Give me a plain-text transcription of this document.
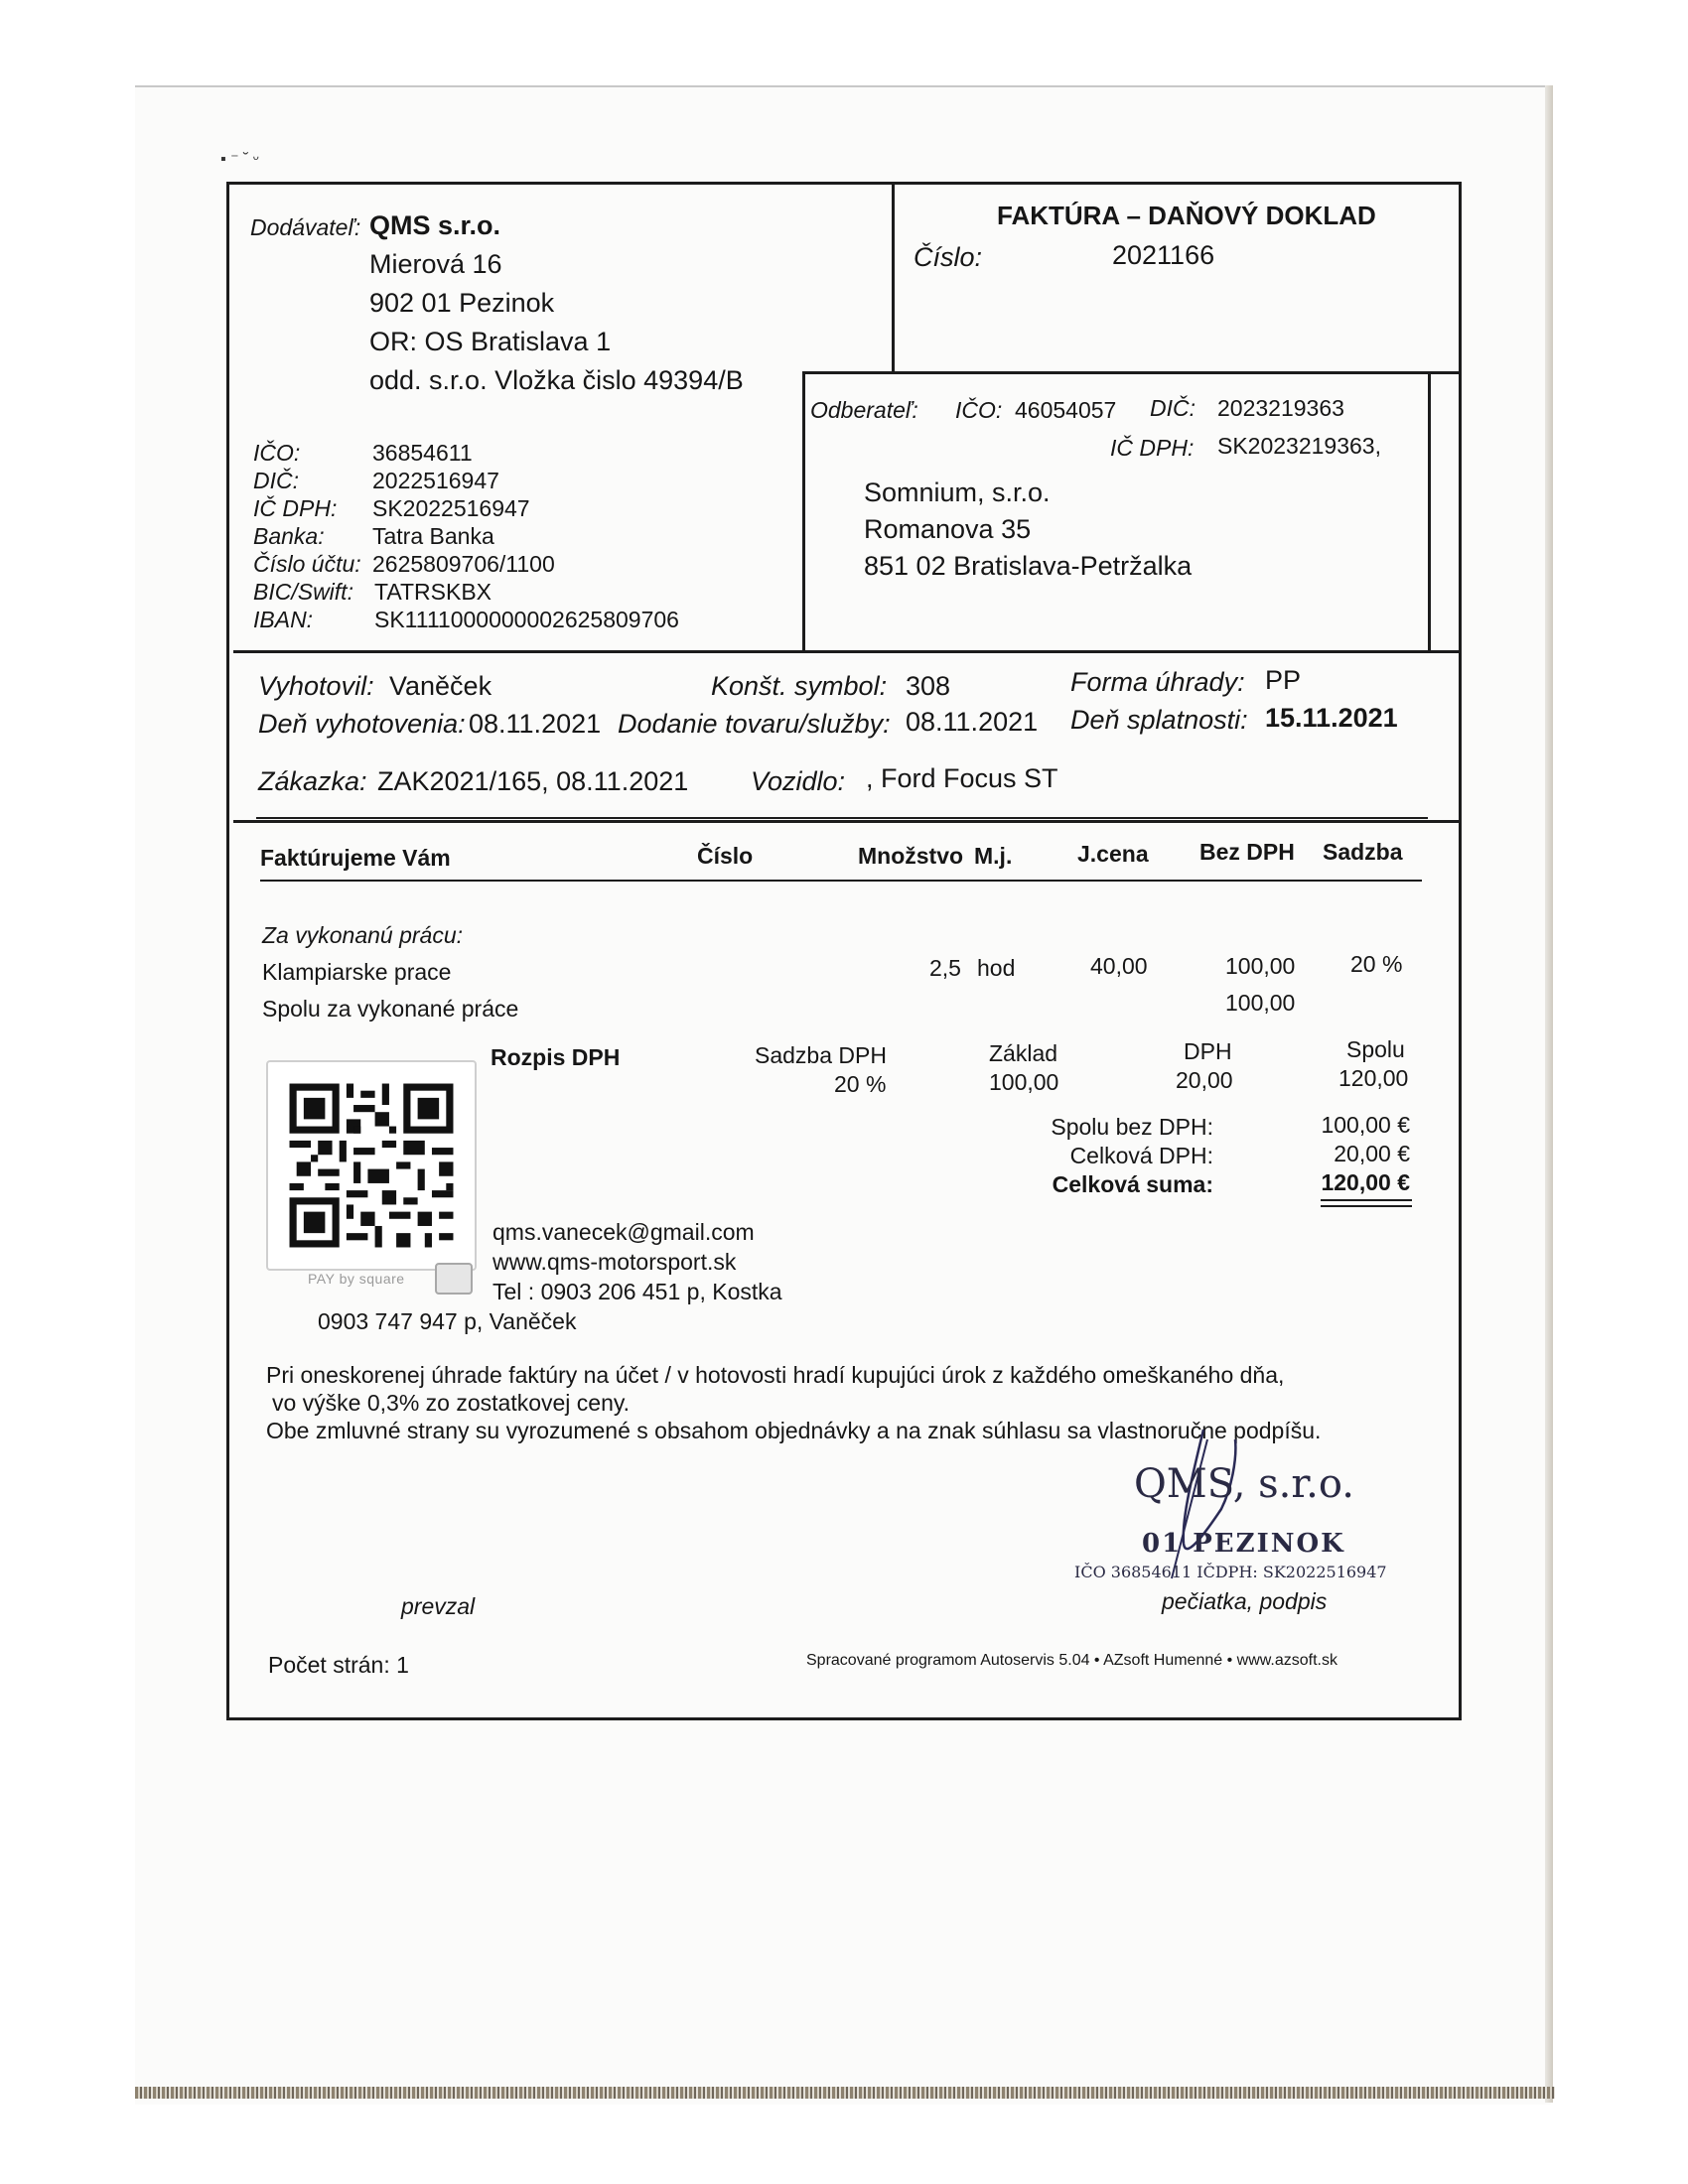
▪ ⁻ ˘ ᵕ
Dodávateľ: QMS s.r.o.
Mierová 16
902 01 Pezinok
OR: OS Bratislava 1
odd. s.r.o. Vložka čislo 49394/B
IČO:	36854611
DIČ:	2022516947
IČ DPH: SK2022516947
Banka: Tatra Banka
Číslo účtu: 2625809706/1100
BIC/Swift: TATRSKBX
IBAN:	SK1111000000002625809706
FAKTÚRA – DAŇOVÝ DOKLAD
Číslo:	2021166
Odberateľ: IČO: 46054057 DIČ: 2023219363
IČ DPH: SK2023219363,
Somnium, s.r.o.
Romanova 35
851 02 Bratislava-Petržalka
Vyhotovil: Vaněček	Konšt. symbol: 308	Forma úhrady: PP
Deň vyhotovenia: 08.11.2021 Dodanie tovaru/služby: 08.11.2021 Deň splatnosti: 15.11.2021
Zákazka: ZAK2021/165, 08.11.2021 Vozidlo: , Ford Focus ST
Faktúrujeme Vám	Číslo	Množstvo M.j.	J.cena Bez DPH Sadzba
Za vykonanú prácu:
Klampiarske prace	2,5 hod	40,00	100,00 20 %
Spolu za vykonané práce	100,00
Rozpis DPH	Sadzba DPH	Základ	DPH	Spolu
20 %	100,00	20,00	120,00
Spolu bez DPH:	100,00 €
Celková DPH:	20,00 €
Celková suma:	120,00 €
PAY by square
qms.vanecek@gmail.com
www.qms-motorsport.sk
Tel : 0903 206 451 p, Kostka
0903 747 947 p, Vaněček
Pri oneskorenej úhrade faktúry na účet / v hotovosti hradí kupujúci úrok z každého omeškaného dňa,
vo výške 0,3% zo zostatkovej ceny.
Obe zmluvné strany su vyrozumené s obsahom objednávky a na znak súhlasu sa vlastnoručne podpíšu.
QMS, s.r.o.
01 PEZINOK
IČO 36854611 IČDPH: SK2022516947
prevzal	pečiatka, podpis
Počet strán: 1	Spracované programom Autoservis 5.04 • AZsoft Humenné • www.azsoft.sk
